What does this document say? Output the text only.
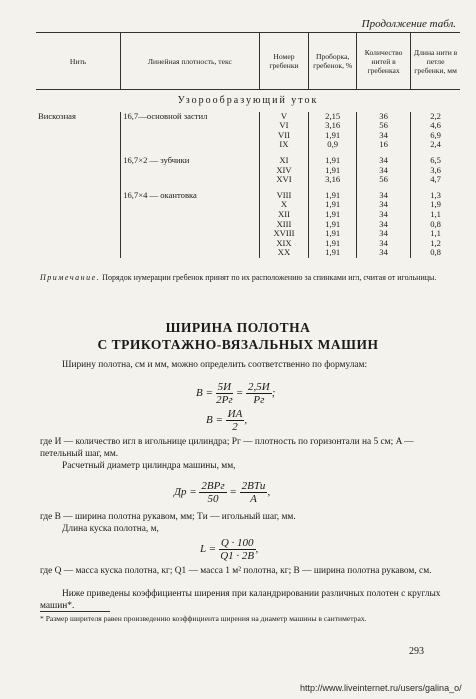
Продолжение табл.
Нить	Линейная плотность, текс	Номер гребенки	Проборка, гребенок, %	Количество нитей в гребенках	Длина нити в петле гребенки, мм
Узорообразующий уток					
Вискозная	16,7—основной застил	V	2,15	36	2,2
		VI	3,16	56	4,6
		VII	1,91	34	6,9
		IX	0,9	16	2,4
	16,7×2 — зубчики	XI	1,91	34	6,5
		XIV	1,91	34	3,6
		XVI	3,16	56	4,7
	16,7×4 — окантовка	VIII	1,91	34	1,3
		X	1,91	34	1,9
		XII	1,91	34	1,1
		XIII	1,91	34	0,8
		XVIII	1,91	34	1,1
		XIX	1,91	34	1,2
		XX	1,91	34	0,8
Примечание. Порядок нумерации гребенок принят по их расположению за спинками игл, считая от игольницы.
ШИРИНА ПОЛОТНА
С ТРИКОТАЖНО-ВЯЗАЛЬНЫХ МАШИН
Ширину полотна, см и мм, можно определить соответственно по формулам:
$B = \frac{5И}{2Pг} = \frac{2,5И}{Pг}$ ;
$B = \frac{ИA}{2}$ ,
где И — количество игл в игольнице цилиндра; Pг — плотность по горизонтали на 5 см; A — петельный шаг, мм.
Расчетный диаметр цилиндра машины, мм,
Дp = $\frac{\text{2BPг}}{50} = \frac{\text{2BTи}}{A}$ ,
где B — ширина полотна рукавом, мм; Tи — игольный шаг, мм.
Длина куска полотна, м,
$L = \frac{Q \cdot 100}{Q1 \cdot 2B}$ ,
где Q — масса куска полотна, кг; Q1 — масса 1 м² полотна, кг; B — ширина полотна рукавом, см.
Ниже приведены коэффициенты ширения при каландрировании различных полотен с круглых машин*.
* Размер ширителя равен произведению коэффициента ширения на диаметр машины в сантиметрах.
293
http://www.liveinternet.ru/users/galina_o/
